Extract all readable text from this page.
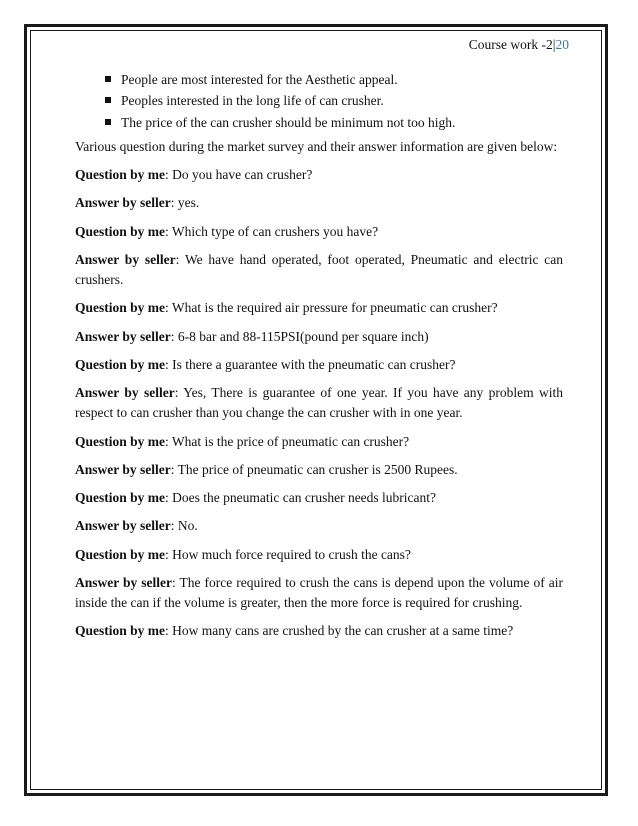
Course work -2|20
People are most interested for the Aesthetic appeal.
Peoples interested in the long life of can crusher.
The price of the can crusher should be minimum not too high.

Various question during the market survey and their answer information are given below:

Question by me: Do you have can crusher?

Answer by seller: yes.

Question by me: Which type of can crushers you have?

Answer by seller: We have hand operated, foot operated, Pneumatic and electric can crushers.

Question by me: What is the required air pressure for pneumatic can crusher?

Answer by seller: 6-8 bar and 88-115PSI(pound per square inch)

Question by me: Is there a guarantee with the pneumatic can crusher?

Answer by seller: Yes, There is guarantee of one year. If you have any problem with respect to can crusher than you change the can crusher with in one year.

Question by me: What is the price of pneumatic can crusher?

Answer by seller: The price of pneumatic can crusher is 2500 Rupees.

Question by me: Does the pneumatic can crusher needs lubricant?

Answer by seller: No.

Question by me: How much force required to crush the cans?

Answer by seller: The force required to crush the cans is depend upon the volume of air inside the can if the volume is greater, then the more force is required for crushing.

Question by me: How many cans are crushed by the can crusher at a same time?
